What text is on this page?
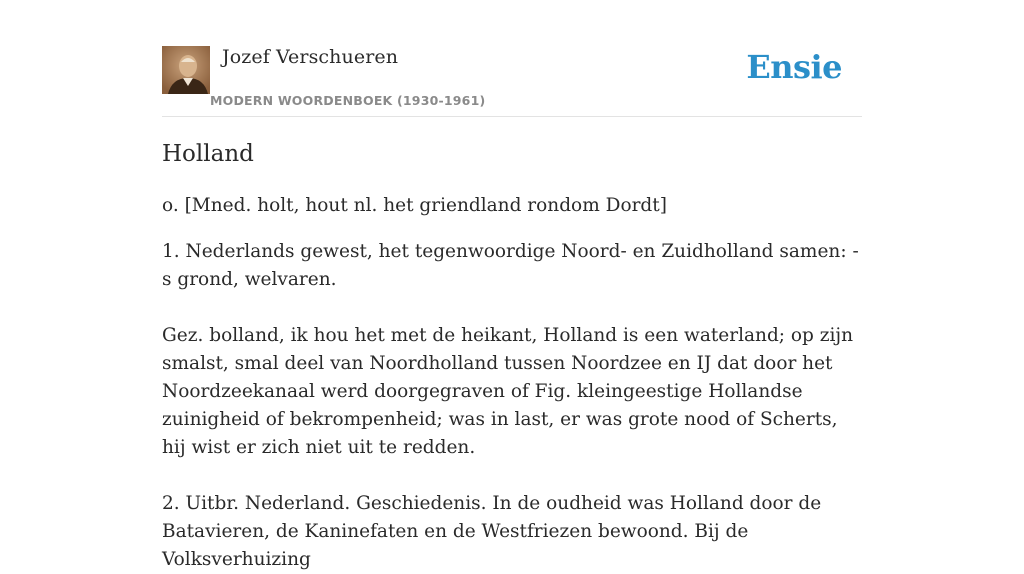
Jozef Verschueren
MODERN WOORDENBOEK (1930-1961)
Ensie
Holland

o. [Mned. holt, hout nl. het griendland rondom Dordt]

1. Nederlands gewest, het tegenwoordige Noord- en Zuidholland samen: -s grond, welvaren.

Gez. bolland, ik hou het met de heikant, Holland is een waterland; op zijn smalst, smal deel van Noordholland tussen Noordzee en IJ dat door het Noordzeekanaal werd doorgegraven of Fig. kleingeestige Hollandse zuinigheid of bekrompenheid; was in last, er was grote nood of Scherts, hij wist er zich niet uit te redden.

2. Uitbr. Nederland. Geschiedenis. In de oudheid was Holland door de Batavieren, de Kaninefaten en de Westfriezen bewoond. Bij de Volksverhuizing
